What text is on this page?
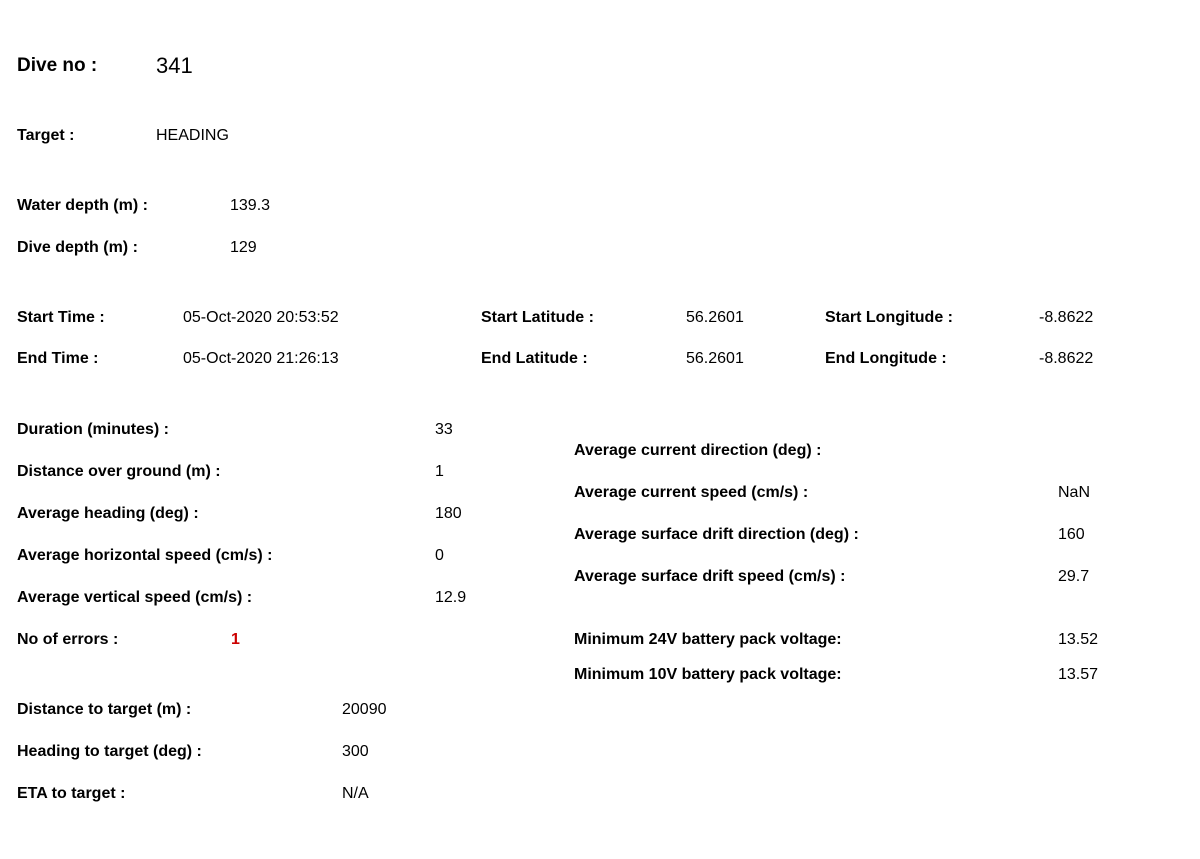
Dive no :	341
Target :	HEADING
Water depth (m) :	139.3
Dive depth (m) :	129
Start Time :	05-Oct-2020 20:53:52
End Time :	05-Oct-2020 21:26:13
Start Latitude :	56.2601
End Latitude :	56.2601
Start Longitude :	-8.8622
End Longitude :	-8.8622
Duration (minutes) :	33
Distance over ground (m) :	1
Average heading (deg) :	180
Average horizontal speed (cm/s) :	0
Average vertical speed (cm/s) :	12.9
No of errors :	1
Average current direction (deg) :
Average current speed (cm/s) :	NaN
Average surface drift direction (deg) :	160
Average surface drift speed (cm/s) :	29.7
Minimum 24V battery pack voltage:	13.52
Minimum 10V battery pack voltage:	13.57
Distance to target (m) :	20090
Heading to target (deg) :	300
ETA to target :	N/A
